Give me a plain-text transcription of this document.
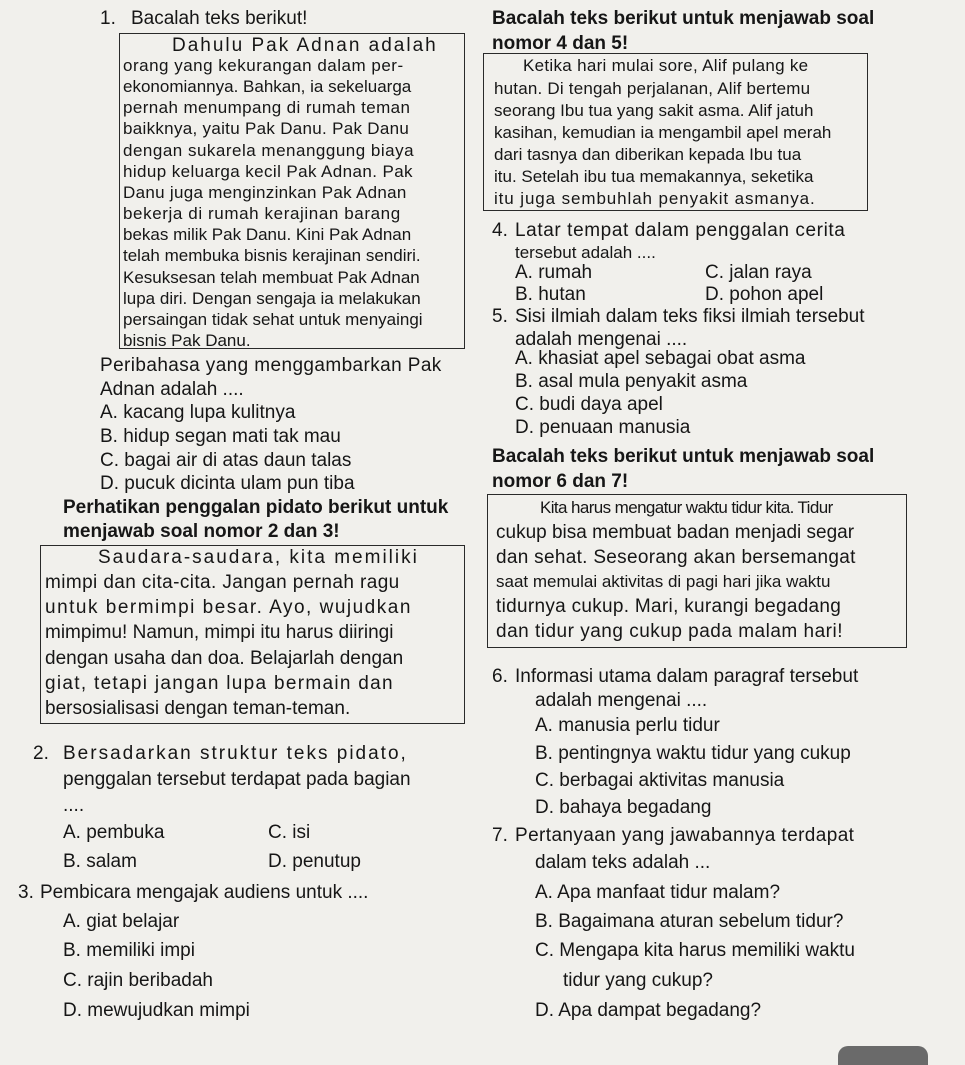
1. Bacalah teks berikut!
Dahulu Pak Adnan adalah
orang yang kekurangan dalam per-
ekonomiannya. Bahkan, ia sekeluarga
pernah menumpang di rumah teman
baikknya, yaitu Pak Danu. Pak Danu
dengan sukarela menanggung biaya
hidup keluarga kecil Pak Adnan. Pak
Danu juga menginzinkan Pak Adnan
bekerja di rumah kerajinan barang
bekas milik Pak Danu. Kini Pak Adnan
telah membuka bisnis kerajinan sendiri.
Kesuksesan telah membuat Pak Adnan
lupa diri. Dengan sengaja ia melakukan
persaingan tidak sehat untuk menyaingi
bisnis Pak Danu.
Peribahasa yang menggambarkan Pak
Adnan adalah ....
A. kacang lupa kulitnya
B. hidup segan mati tak mau
C. bagai air di atas daun talas
D. pucuk dicinta ulam pun tiba
Perhatikan penggalan pidato berikut untuk
menjawab soal nomor 2 dan 3!
Saudara-saudara, kita memiliki
mimpi dan cita-cita. Jangan pernah ragu
untuk bermimpi besar. Ayo, wujudkan
mimpimu! Namun, mimpi itu harus diiringi
dengan usaha dan doa. Belajarlah dengan
giat, tetapi jangan lupa bermain dan
bersosialisasi dengan teman-teman.
2. Bersadarkan struktur teks pidato,
penggalan tersebut terdapat pada bagian
....
A. pembuka	C. isi
B. salam	D. penutup
3. Pembicara mengajak audiens untuk ....
A. giat belajar
B. memiliki impi
C. rajin beribadah
D. mewujudkan mimpi
Bacalah teks berikut untuk menjawab soal
nomor 4 dan 5!
Ketika hari mulai sore, Alif pulang ke
hutan. Di tengah perjalanan, Alif bertemu
seorang Ibu tua yang sakit asma. Alif jatuh
kasihan, kemudian ia mengambil apel merah
dari tasnya dan diberikan kepada Ibu tua
itu. Setelah ibu tua memakannya, seketika
itu juga sembuhlah penyakit asmanya.
4. Latar tempat dalam penggalan cerita
tersebut adalah ....
A. rumah	C. jalan raya
B. hutan	D. pohon apel
5. Sisi ilmiah dalam teks fiksi ilmiah tersebut
adalah mengenai ....
A. khasiat apel sebagai obat asma
B. asal mula penyakit asma
C. budi daya apel
D. penuaan manusia
Bacalah teks berikut untuk menjawab soal
nomor 6 dan 7!
Kita harus mengatur waktu tidur kita. Tidur
cukup bisa membuat badan menjadi segar
dan sehat. Seseorang akan bersemangat
saat memulai aktivitas di pagi hari jika waktu
tidurnya cukup. Mari, kurangi begadang
dan tidur yang cukup pada malam hari!
6. Informasi utama dalam paragraf tersebut
adalah mengenai ....
A. manusia perlu tidur
B. pentingnya waktu tidur yang cukup
C. berbagai aktivitas manusia
D. bahaya begadang
7. Pertanyaan yang jawabannya terdapat
dalam teks adalah ...
A. Apa manfaat tidur malam?
B. Bagaimana aturan sebelum tidur?
C. Mengapa kita harus memiliki waktu
tidur yang cukup?
D. Apa dampat begadang?
